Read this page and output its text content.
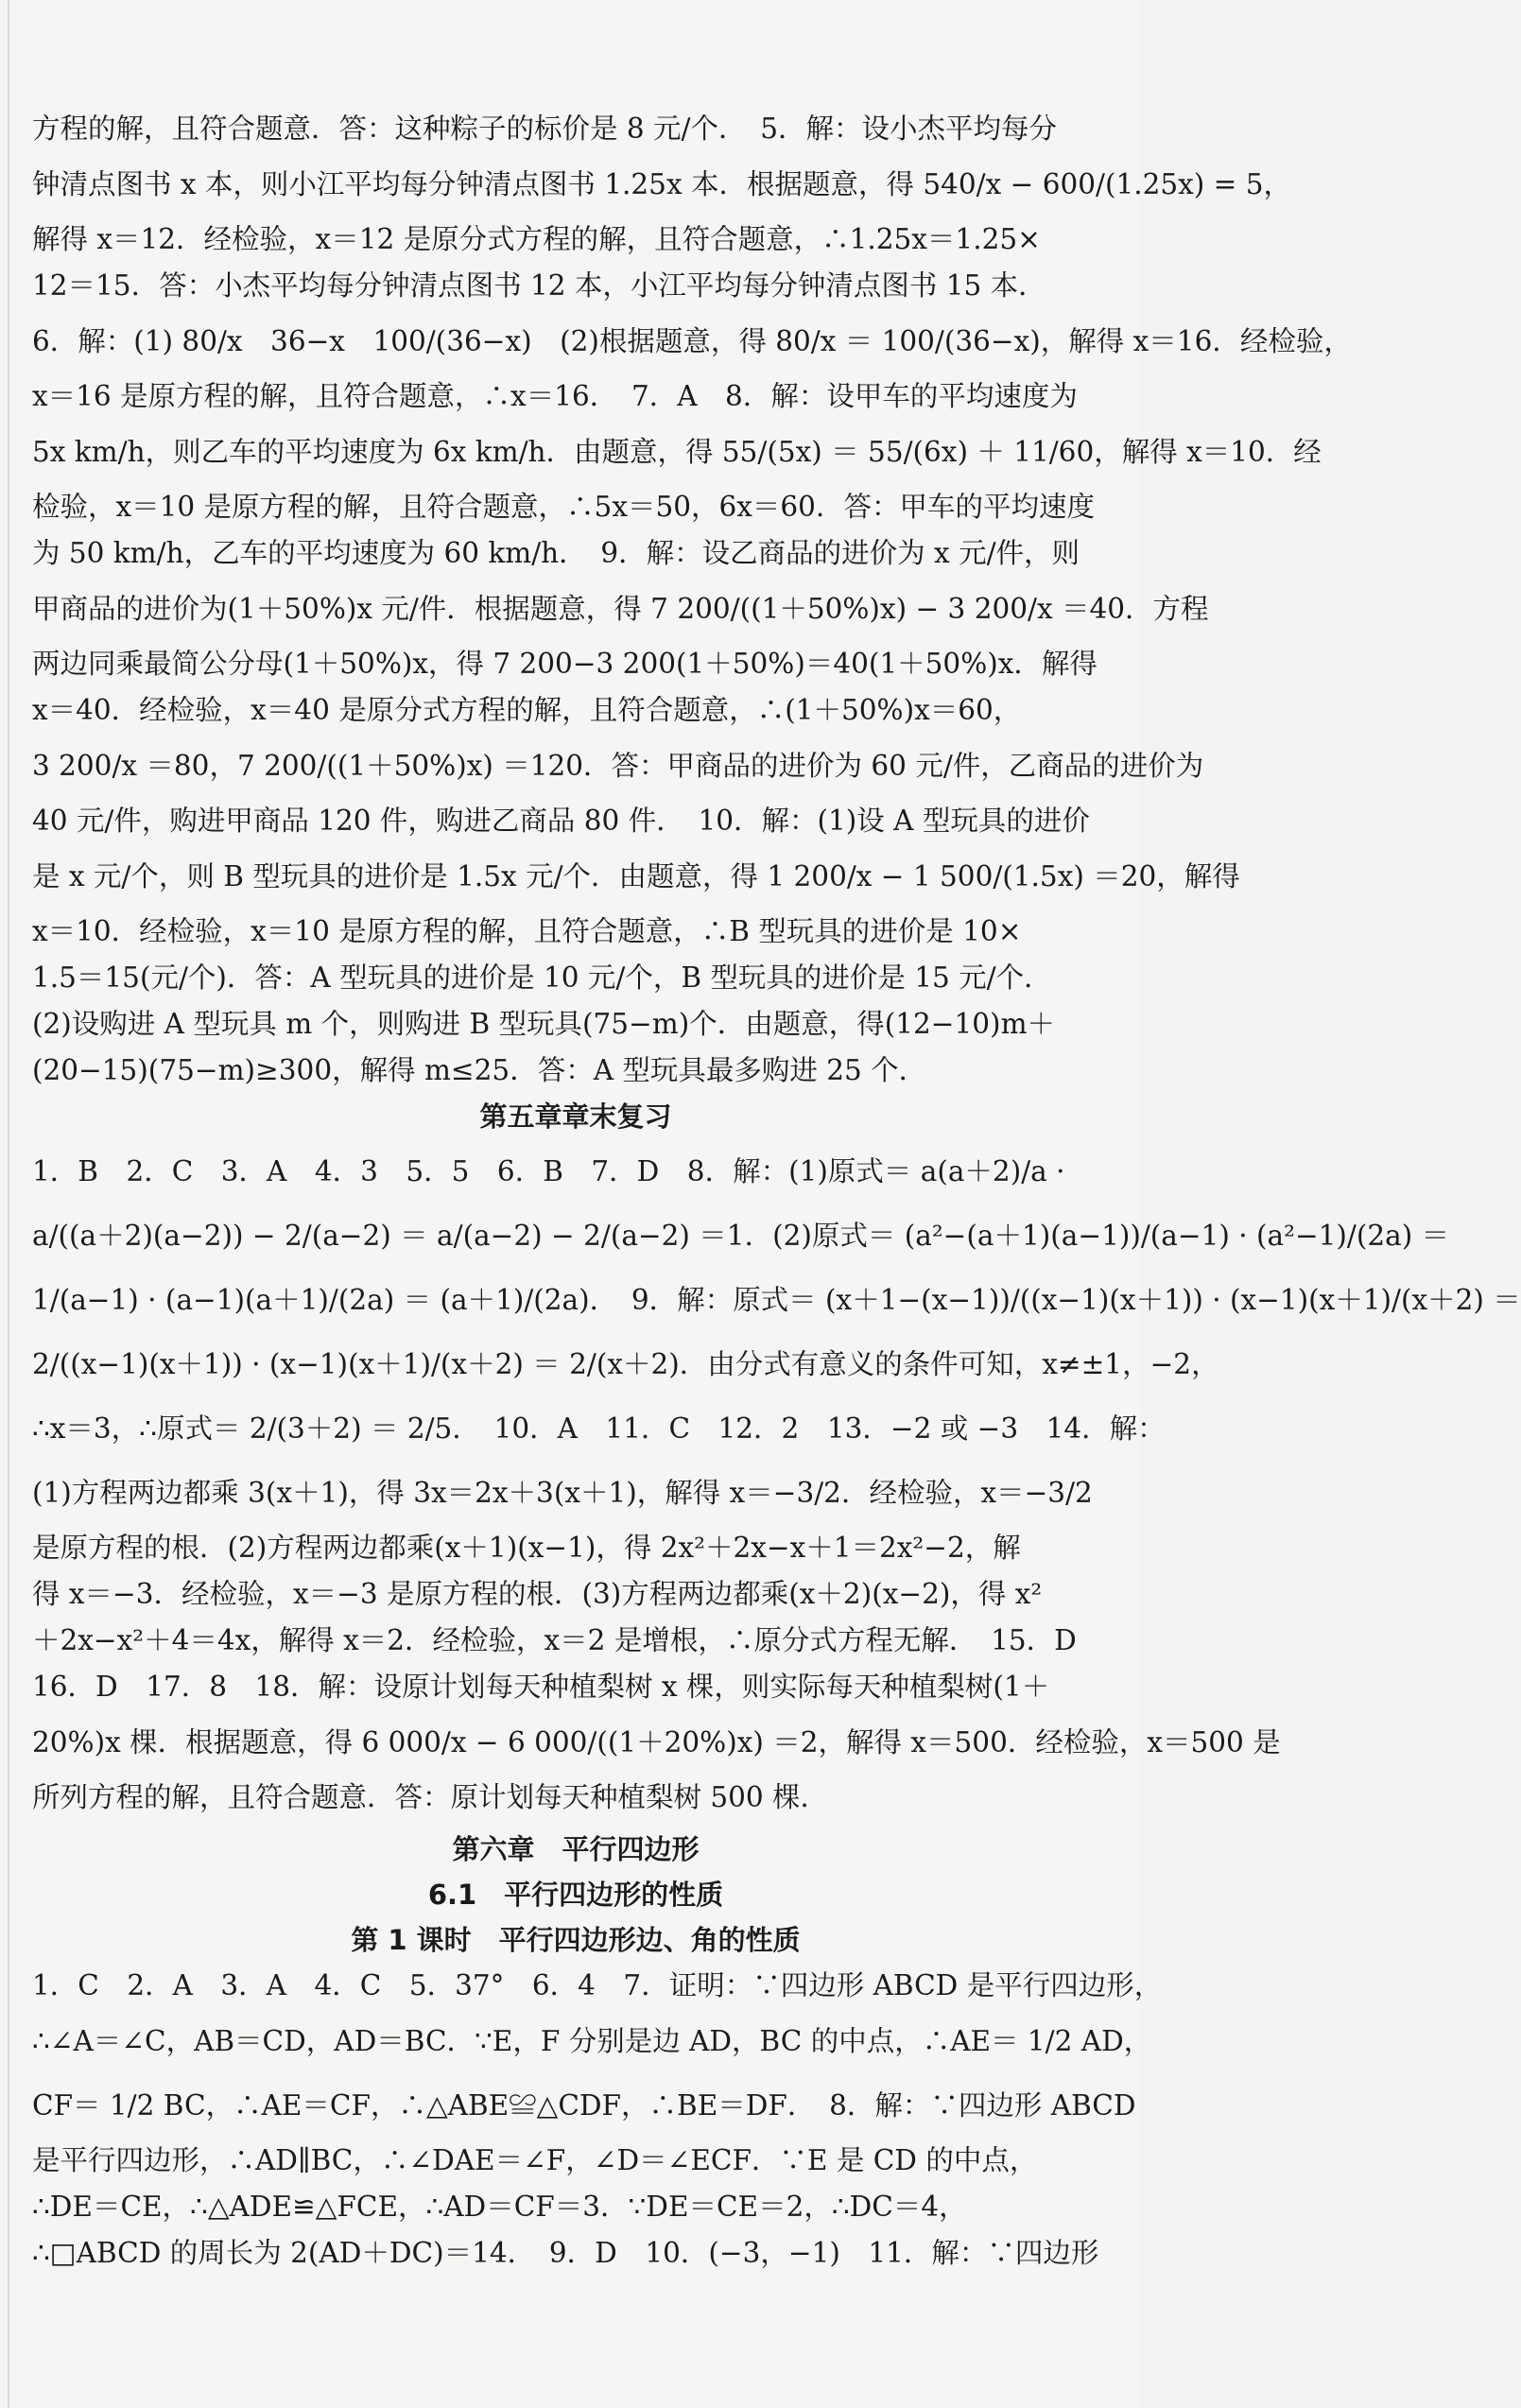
方程的解，且符合题意．答：这种粽子的标价是 8 元/个．　5．解：设小杰平均每分
钟清点图书 x 本，则小江平均每分钟清点图书 1.25x 本．根据题意，得 540/x − 600/(1.25x) = 5，
解得 x＝12．经检验，x＝12 是原分式方程的解，且符合题意，∴1.25x＝1.25×
12＝15．答：小杰平均每分钟清点图书 12 本，小江平均每分钟清点图书 15 本．
6．解：(1) 80/x　36−x　100/(36−x)　(2)根据题意，得 80/x ＝ 100/(36−x)，解得 x＝16．经检验，
x＝16 是原方程的解，且符合题意，∴x＝16．　7．A　8．解：设甲车的平均速度为
5x km/h，则乙车的平均速度为 6x km/h．由题意，得 55/(5x) ＝ 55/(6x) ＋ 11/60，解得 x＝10．经
检验，x＝10 是原方程的解，且符合题意，∴5x＝50，6x＝60．答：甲车的平均速度
为 50 km/h，乙车的平均速度为 60 km/h．　9．解：设乙商品的进价为 x 元/件，则
甲商品的进价为(1＋50%)x 元/件．根据题意，得 7 200/((1＋50%)x) − 3 200/x ＝40．方程
两边同乘最简公分母(1＋50%)x，得 7 200−3 200(1＋50%)＝40(1＋50%)x．解得
x＝40．经检验，x＝40 是原分式方程的解，且符合题意，∴(1＋50%)x＝60，
3 200/x ＝80，7 200/((1＋50%)x) ＝120．答：甲商品的进价为 60 元/件，乙商品的进价为
40 元/件，购进甲商品 120 件，购进乙商品 80 件．　10．解：(1)设 A 型玩具的进价
是 x 元/个，则 B 型玩具的进价是 1.5x 元/个．由题意，得 1 200/x − 1 500/(1.5x) ＝20，解得
x＝10．经检验，x＝10 是原方程的解，且符合题意，∴B 型玩具的进价是 10×
1.5＝15(元/个)．答：A 型玩具的进价是 10 元/个，B 型玩具的进价是 15 元/个．
(2)设购进 A 型玩具 m 个，则购进 B 型玩具(75−m)个．由题意，得(12−10)m＋
(20−15)(75−m)≥300，解得 m≤25．答：A 型玩具最多购进 25 个．
第五章章末复习
1．B　2．C　3．A　4．3　5．5　6．B　7．D　8．解：(1)原式＝ a(a＋2)/a ·
a/((a＋2)(a−2)) − 2/(a−2) ＝ a/(a−2) − 2/(a−2) ＝1．(2)原式＝ (a²−(a＋1)(a−1))/(a−1) · (a²−1)/(2a) ＝
1/(a−1) · (a−1)(a＋1)/(2a) ＝ (a＋1)/(2a)．　9．解：原式＝ (x＋1−(x−1))/((x−1)(x＋1)) · (x−1)(x＋1)/(x＋2) ＝
2/((x−1)(x＋1)) · (x−1)(x＋1)/(x＋2) ＝ 2/(x＋2)．由分式有意义的条件可知，x≠±1，−2，
∴x＝3，∴原式＝ 2/(3＋2) ＝ 2/5．　10．A　11．C　12．2　13．−2 或 −3　14．解：
(1)方程两边都乘 3(x＋1)，得 3x＝2x＋3(x＋1)，解得 x＝−3/2．经检验，x＝−3/2
是原方程的根．(2)方程两边都乘(x＋1)(x−1)，得 2x²＋2x−x＋1＝2x²−2，解
得 x＝−3．经检验，x＝−3 是原方程的根．(3)方程两边都乘(x＋2)(x−2)，得 x²
＋2x−x²＋4＝4x，解得 x＝2．经检验，x＝2 是增根，∴原分式方程无解．　15．D
16．D　17．8　18．解：设原计划每天种植梨树 x 棵，则实际每天种植梨树(1＋
20%)x 棵．根据题意，得 6 000/x − 6 000/((1＋20%)x) ＝2，解得 x＝500．经检验，x＝500 是
所列方程的解，且符合题意．答：原计划每天种植梨树 500 棵．
第六章　平行四边形
6.1　平行四边形的性质
第 1 课时　平行四边形边、角的性质
1．C　2．A　3．A　4．C　5．37°　6．4　7．证明：∵四边形 ABCD 是平行四边形，
∴∠A＝∠C，AB＝CD，AD＝BC．∵E，F 分别是边 AD，BC 的中点，∴AE＝ 1/2 AD，
CF＝ 1/2 BC，∴AE＝CF，∴△ABE≌△CDF，∴BE＝DF．　8．解：∵四边形 ABCD
是平行四边形，∴AD∥BC，∴∠DAE＝∠F，∠D＝∠ECF．∵E 是 CD 的中点，
∴DE＝CE，∴△ADE≌△FCE，∴AD＝CF＝3．∵DE＝CE＝2，∴DC＝4，
∴□ABCD 的周长为 2(AD＋DC)＝14．　9．D　10．(−3，−1)　11．解：∵四边形
